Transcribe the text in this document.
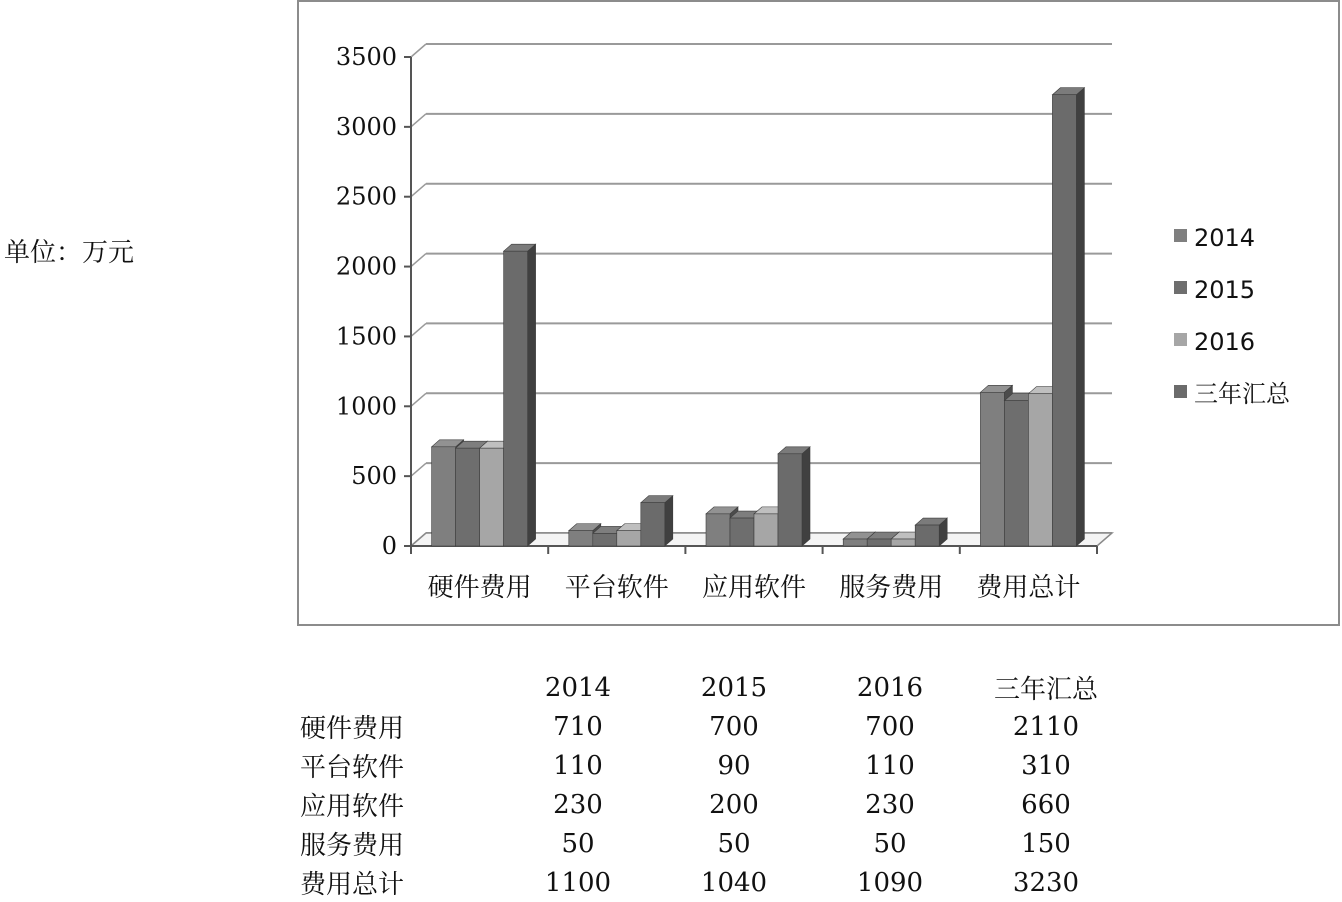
单位：万元
0
500
1000
1500
2000
2500
3000
3500
硬件费用 平台软件 应用软件 服务费用 费用总计
2014
2015
2016
三年汇总
	2014	2015	2016	三年汇总
硬件费用	710	700	700	2110
平台软件	110	90	110	310
应用软件	230	200	230	660
服务费用	50	50	50	150
费用总计	1100	1040	1090	3230
